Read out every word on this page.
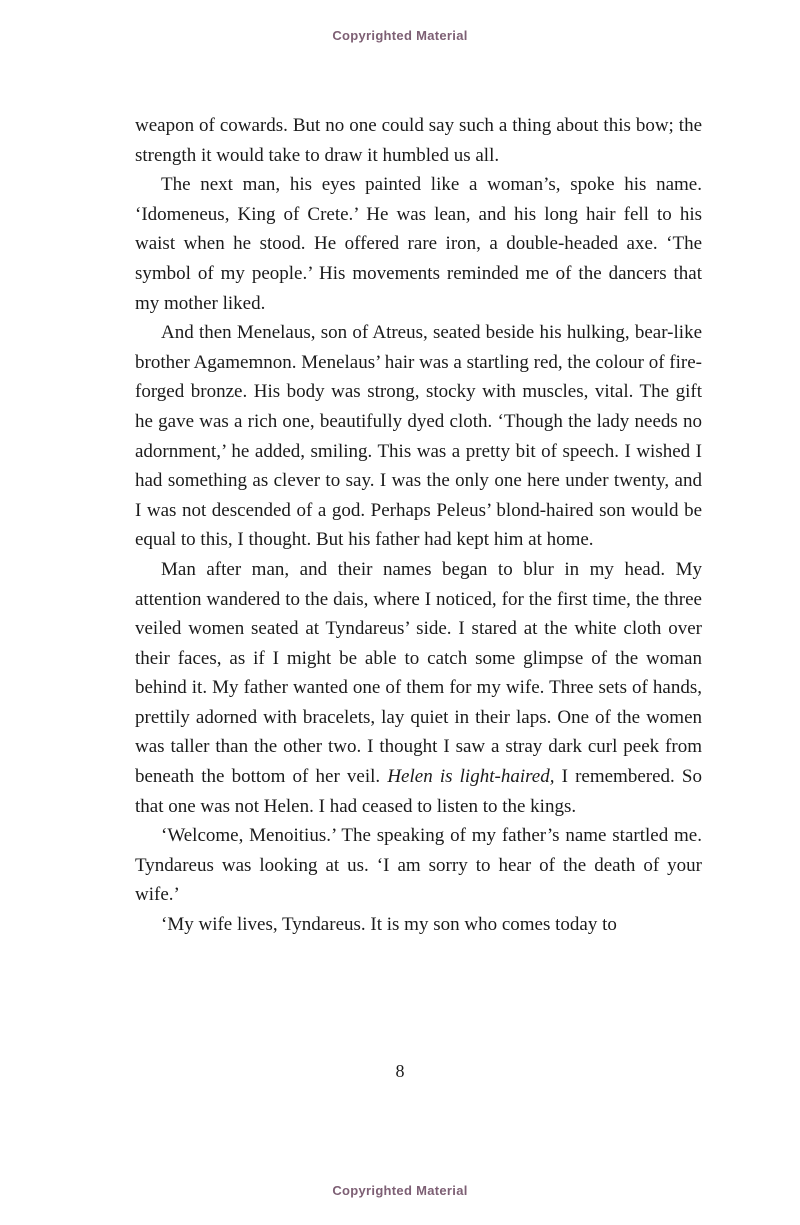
Copyrighted Material

weapon of cowards. But no one could say such a thing about this bow; the strength it would take to draw it humbled us all.

The next man, his eyes painted like a woman’s, spoke his name. ‘Idomeneus, King of Crete.’ He was lean, and his long hair fell to his waist when he stood. He offered rare iron, a double-headed axe. ‘The symbol of my people.’ His movements reminded me of the dancers that my mother liked.

And then Menelaus, son of Atreus, seated beside his hulking, bear-like brother Agamemnon. Menelaus’ hair was a startling red, the colour of fire-forged bronze. His body was strong, stocky with muscles, vital. The gift he gave was a rich one, beautifully dyed cloth. ‘Though the lady needs no adornment,’ he added, smiling. This was a pretty bit of speech. I wished I had something as clever to say. I was the only one here under twenty, and I was not descended of a god. Perhaps Peleus’ blond-haired son would be equal to this, I thought. But his father had kept him at home.

Man after man, and their names began to blur in my head. My attention wandered to the dais, where I noticed, for the first time, the three veiled women seated at Tyndareus’ side. I stared at the white cloth over their faces, as if I might be able to catch some glimpse of the woman behind it. My father wanted one of them for my wife. Three sets of hands, prettily adorned with bracelets, lay quiet in their laps. One of the women was taller than the other two. I thought I saw a stray dark curl peek from beneath the bottom of her veil. Helen is light-haired, I remembered. So that one was not Helen. I had ceased to listen to the kings.

‘Welcome, Menoitius.’ The speaking of my father’s name startled me. Tyndareus was looking at us. ‘I am sorry to hear of the death of your wife.’

‘My wife lives, Tyndareus. It is my son who comes today to

8
Copyrighted Material
